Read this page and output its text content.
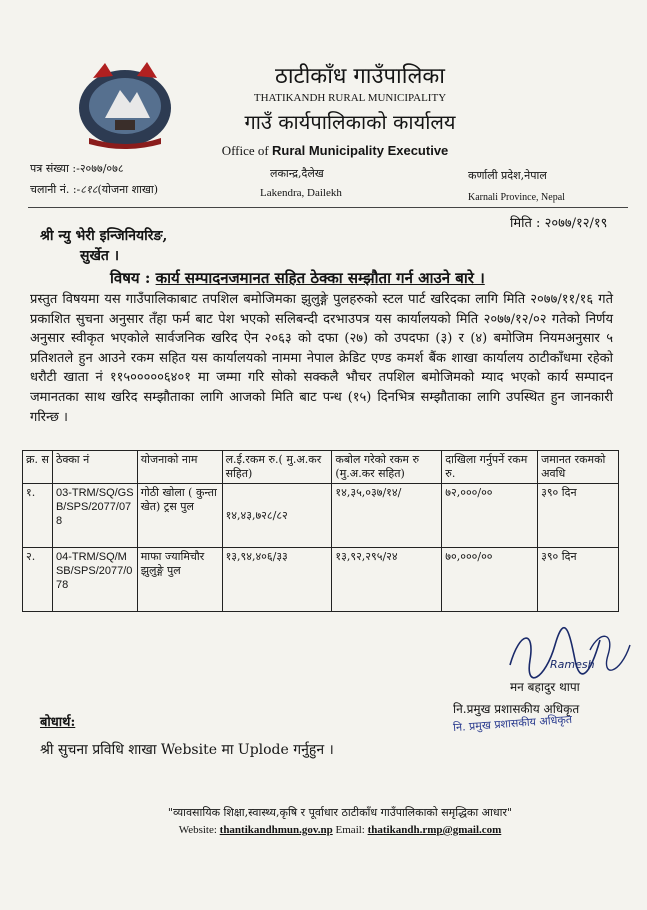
ठाटीकाँध गाउँपालिका
THATIKANDH RURAL MUNICIPALITY
गाउँ कार्यपालिकाको कार्यालय
Office of Rural Municipality Executive
पत्र संख्या :-२०७७/०७८
चलानी नं. :-८१८(योजना शाखा)
लकान्द्र,दैलेख
Lakendra, Dailekh
कर्णाली प्रदेश,नेपाल
Karnali Province, Nepal
मिति : २०७७/१२/१९
श्री न्यु भेरी इन्जिनियरिङ,
सुर्खेत ।
विषय : कार्य सम्पादनजमानत सहित ठेक्का सम्झौता गर्न आउने बारे ।
प्रस्तुत विषयमा यस गाउँपालिकाबाट तपशिल बमोजिमका झुलुङ्गे पुलहरुको स्टल पार्ट खरिदका लागि मिति २०७७/११/१६ गते प्रकाशित सुचना अनुसार तँहा फर्म बाट पेश भएको सलिबन्दी दरभाउपत्र यस कार्यालयको मिति २०७७/१२/०२ गतेको निर्णय अनुसार स्वीकृत भएकोले सार्वजनिक खरिद ऐन २०६३ को दफा (२७) को उपदफा (३) र (४) बमोजिम नियमअनुसार ५ प्रतिशतले हुन आउने रकम सहित यस कार्यालयको नाममा नेपाल क्रेडिट एण्ड कमर्श बैंक शाखा कार्यालय ठाटीकाँधमा रहेको धरौटी खाता नं ११५०००००६४०१ मा जम्मा गरि सोको सक्कलै भौचर तपशिल बमोजिमको म्याद भएको कार्य सम्पादन जमानतका साथ खरिद सम्झौताका लागि आजको मिति बाट पन्ध (१५) दिनभित्र सम्झौताका लागि उपस्थित हुन जानकारी गरिन्छ ।
क्र. स	ठेक्का नं	योजनाको नाम	ल.ई.रकम रु.( मु.अ.कर सहित)	कबोल गरेको रकम रु (मु.अ.कर सहित)	दाखिला गर्नुपर्ने रकम रु.	जमानत रकमको अवधि
१.	03-TRM/SQ/GSB/SPS/2077/078	गोठी खोला ( कुन्ता खेत) ट्रस पुल	१४,४३,७२८/८२	१४,३५,०३७/१४/	७२,०००/००	३९० दिन
२.	04-TRM/SQ/MSB/SPS/2077/078	माफा ज्यामिचौर झुलुङ्गे पुल	१३,९४,४०६/३३	१३,९२,२९५/२४	७०,०००/००	३९० दिन
Ramesh
मन बहादुर थापा
नि.प्रमुख प्रशासकीय अधिकृत
नि. प्रमुख प्रशासकीय अधिकृत
बोधार्थ:
श्री सुचना प्रविधि शाखा Website मा Uplode गर्नुहुन ।
"व्यावसायिक शिक्षा,स्वास्थ्य,कृषि र पूर्वाधार ठाटीकाँध गाउँपालिकाको समृद्धिका आधार"
Website: thantikandhmun.gov.np Email: thatikandh.rmp@gmail.com
